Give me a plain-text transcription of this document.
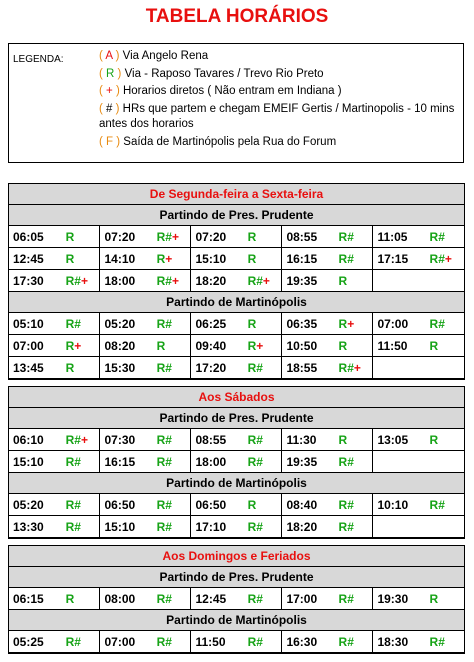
TABELA HORÁRIOS
LEGENDA:	( A ) Via Angelo Rena
( R ) Via - Raposo Tavares / Trevo Rio Preto
( + ) Horarios diretos ( Não entram em Indiana )
( # ) HRs que partem e chegam EMEIF Gertis / Martinopolis - 10 mins antes dos horarios
( F ) Saída de Martinópolis pela Rua do Forum
De Segunda-feira a Sexta-feira
Partindo de Pres. Prudente
06:05	R	07:20	R#+	07:20	R	08:55	R#	11:05	R#
12:45	R	14:10	R+	15:10	R	16:15	R#	17:15	R#+
17:30	R#+	18:00	R#+	18:20	R#+	19:35	R		
Partindo de Martinópolis
05:10	R#	05:20	R#	06:25	R	06:35	R+	07:00	R#
07:00	R+	08:20	R	09:40	R+	10:50	R	11:50	R
13:45	R	15:30	R#	17:20	R#	18:55	R#+		
Aos Sábados
Partindo de Pres. Prudente
06:10	R#+	07:30	R#	08:55	R#	11:30	R	13:05	R
15:10	R#	16:15	R#	18:00	R#	19:35	R#		
Partindo de Martinópolis
05:20	R#	06:50	R#	06:50	R	08:40	R#	10:10	R#
13:30	R#	15:10	R#	17:10	R#	18:20	R#		
Aos Domingos e Feriados
Partindo de Pres. Prudente
06:15	R	08:00	R#	12:45	R#	17:00	R#	19:30	R
Partindo de Martinópolis
05:25	R#	07:00	R#	11:50	R#	16:30	R#	18:30	R#
